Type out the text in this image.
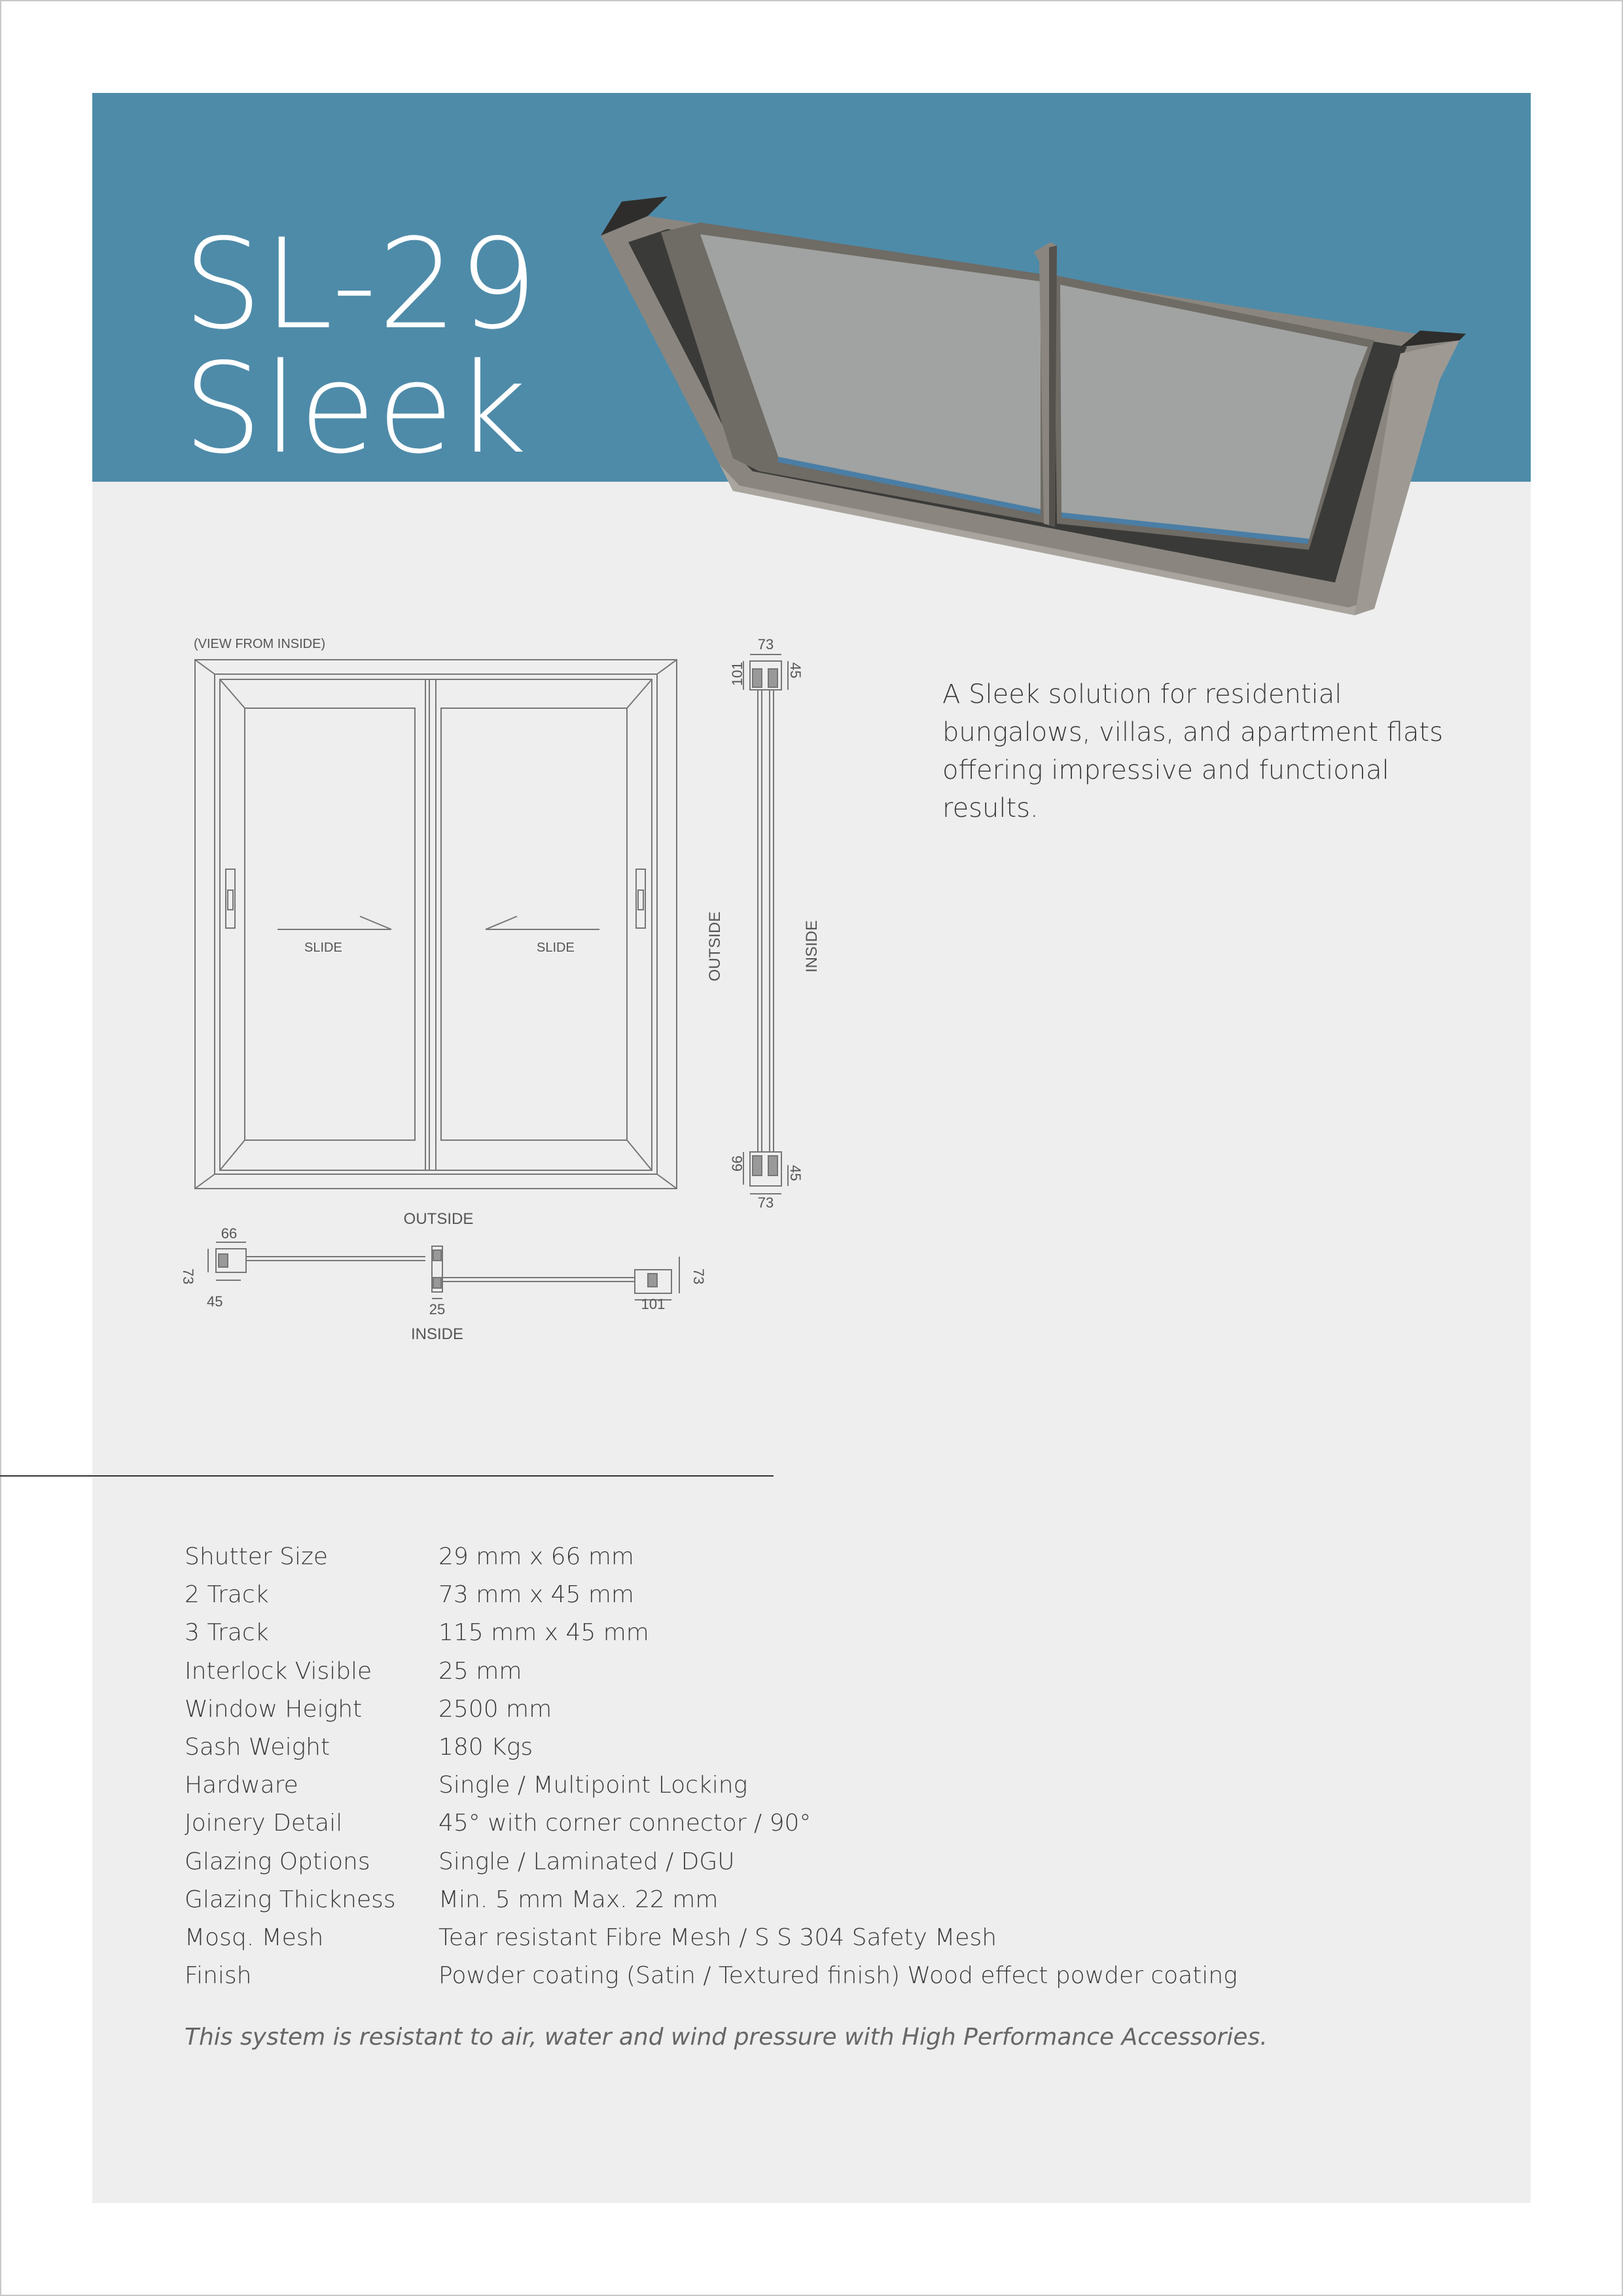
SL-29
Sleek
(VIEW FROM INSIDE)
SLIDE	SLIDE
73
101	45
66
45
73
OUTSIDE	INSIDE
OUTSIDE
66
73
45	25	101
73
INSIDE
A Sleek solution for residential bungalows, villas, and apartment flats offering impressive and functional results.
Shutter Size	29 mm x 66 mm
2 Track	73 mm x 45 mm
3 Track	115 mm x 45 mm
Interlock Visible	25 mm
Window Height	2500 mm
Sash Weight	180 Kgs
Hardware	Single / Multipoint Locking
Joinery Detail	45° with corner connector / 90°
Glazing Options	Single / Laminated / DGU
Glazing Thickness	Min. 5 mm Max. 22 mm
Mosq. Mesh	Tear resistant Fibre Mesh / S S 304 Safety Mesh
Finish	Powder coating (Satin / Textured finish) Wood effect powder coating
This system is resistant to air, water and wind pressure with High Performance Accessories.
